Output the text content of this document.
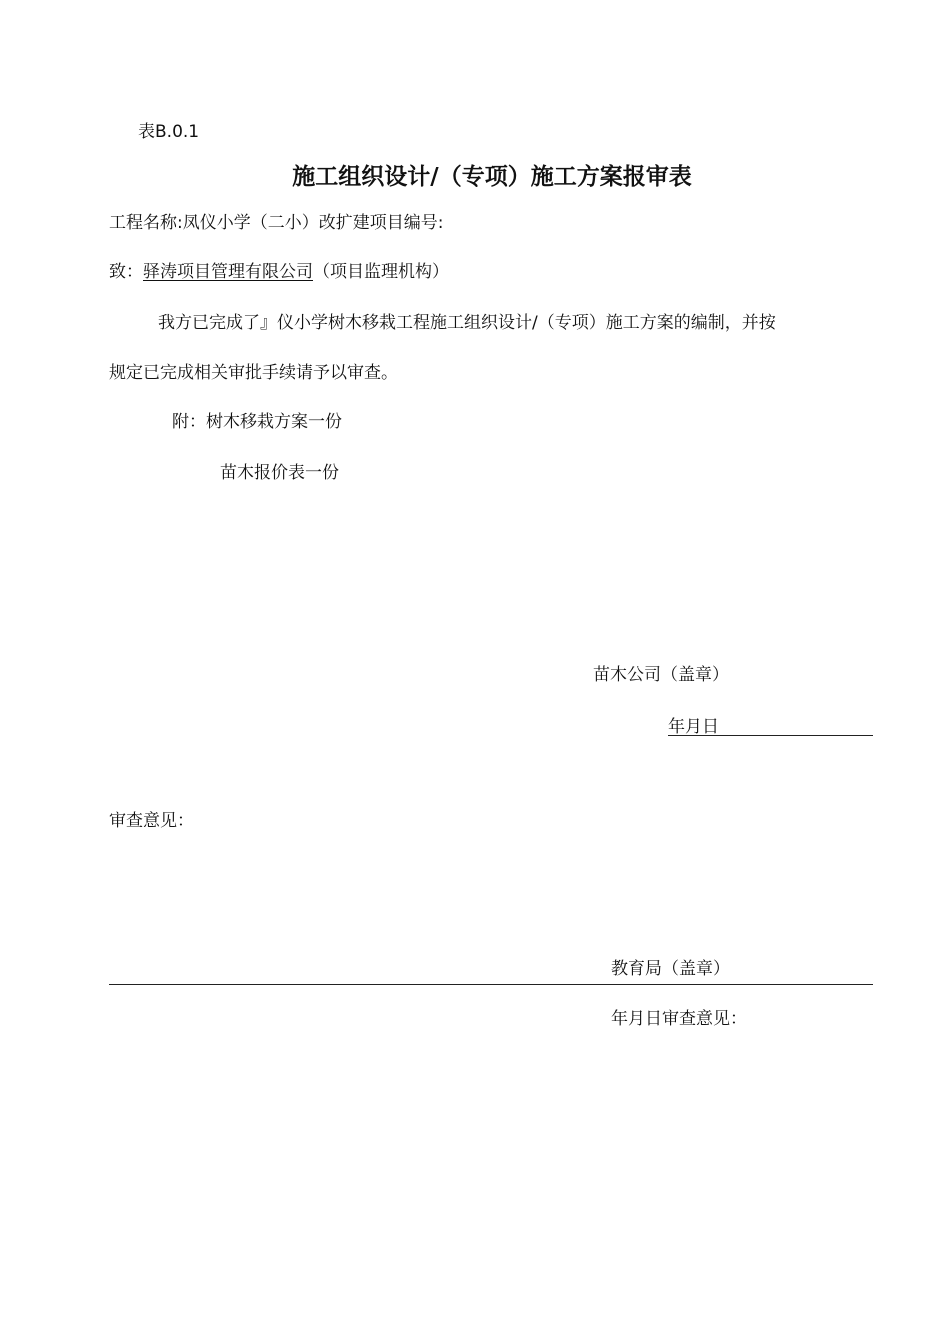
表B.0.1
施工组织设计/（专项）施工方案报审表
工程名称:凤仪小学（二小）改扩建项目编号:
致：驿涛项目管理有限公司（项目监理机构）
我方已完成了』仪小学树木移栽工程施工组织设计/（专项）施工方案的编制，并按
规定已完成相关审批手续请予以审查。
附：树木移栽方案一份
苗木报价表一份
苗木公司（盖章）
年月日
审查意见：
教育局（盖章）
年月日审查意见：
